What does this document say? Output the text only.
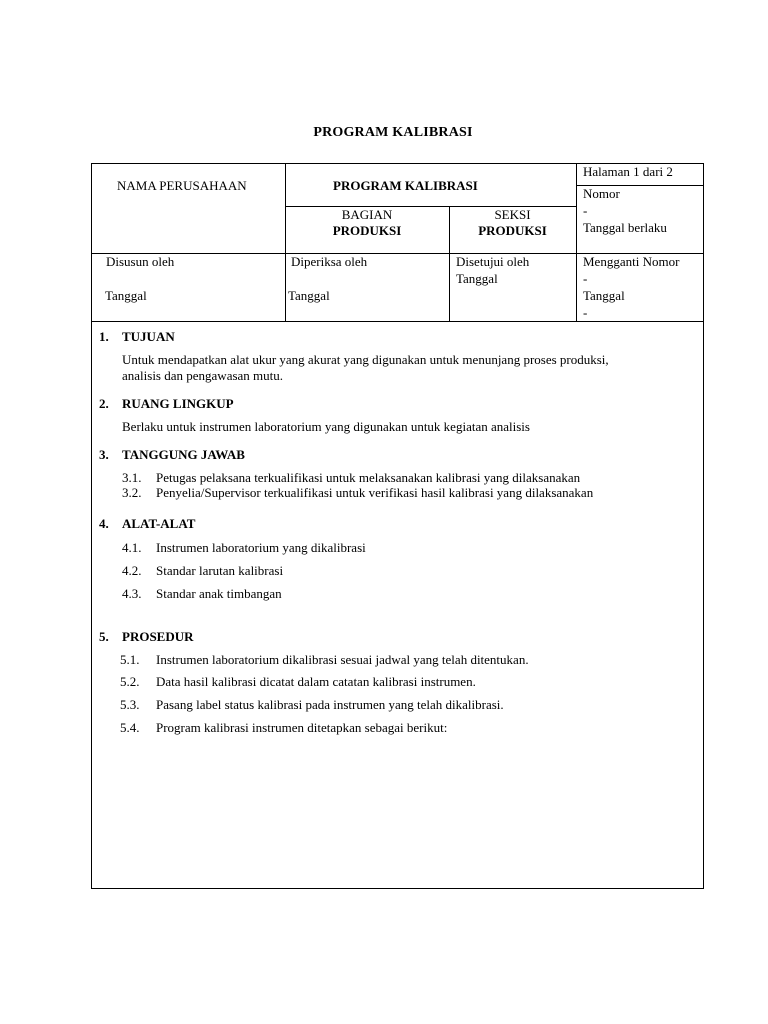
PROGRAM KALIBRASI
NAMA PERUSAHAAN	PROGRAM KALIBRASI
BAGIAN
PRODUKSI
SEKSI
PRODUKSI
Halaman 1 dari 2
Nomor
-
Tanggal berlaku
Disusun oleh
Tanggal
Diperiksa oleh
Tanggal
Disetujui oleh
Tanggal
Mengganti Nomor
-
Tanggal
-
1. TUJUAN
Untuk mendapatkan alat ukur yang akurat yang digunakan untuk menunjang proses produksi,
analisis dan pengawasan mutu.
2. RUANG LINGKUP
Berlaku untuk instrumen laboratorium yang digunakan untuk kegiatan analisis
3. TANGGUNG JAWAB
3.1. Petugas pelaksana terkualifikasi untuk melaksanakan kalibrasi yang dilaksanakan
3.2. Penyelia/Supervisor terkualifikasi untuk verifikasi hasil kalibrasi yang dilaksanakan
4. ALAT-ALAT
4.1. Instrumen laboratorium yang dikalibrasi
4.2. Standar larutan kalibrasi
4.3. Standar anak timbangan
5. PROSEDUR
5.1. Instrumen laboratorium dikalibrasi sesuai jadwal yang telah ditentukan.
5.2. Data hasil kalibrasi dicatat dalam catatan kalibrasi instrumen.
5.3. Pasang label status kalibrasi pada instrumen yang telah dikalibrasi.
5.4. Program kalibrasi instrumen ditetapkan sebagai berikut:
